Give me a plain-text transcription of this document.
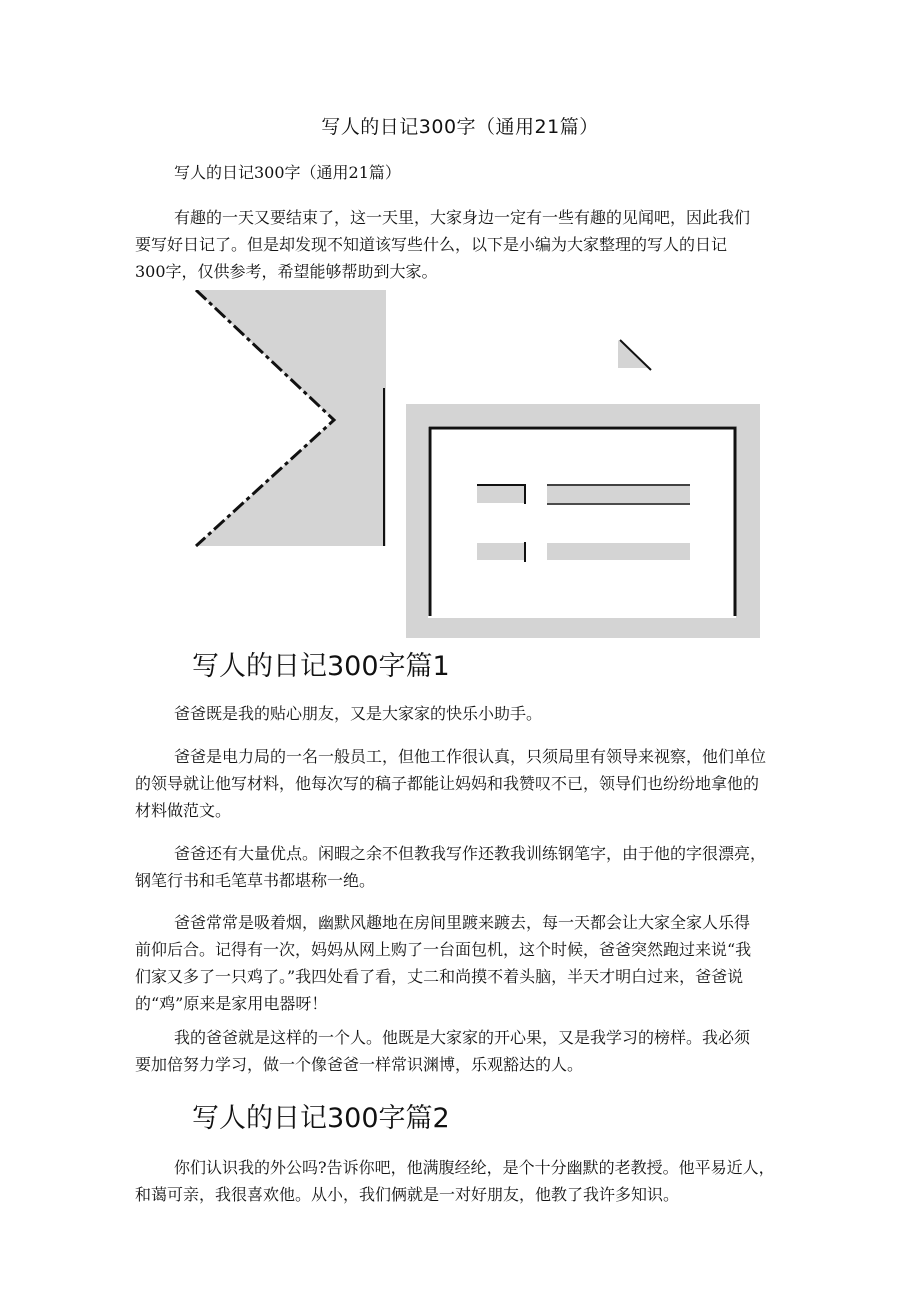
写人的日记300字（通用21篇）

写人的日记300字（通用21篇）

有趣的一天又要结束了，这一天里，大家身边一定有一些有趣的见闻吧，因此我们

要写好日记了。但是却发现不知道该写些什么，以下是小编为大家整理的写人的日记

300字，仅供参考，希望能够帮助到大家。

写人的日记300字篇1

爸爸既是我的贴心朋友，又是大家家的快乐小助手。

爸爸是电力局的一名一般员工，但他工作很认真，只须局里有领导来视察，他们单位

的领导就让他写材料，他每次写的稿子都能让妈妈和我赞叹不已，领导们也纷纷地拿他的

材料做范文。

爸爸还有大量优点。闲暇之余不但教我写作还教我训练钢笔字，由于他的字很漂亮，

钢笔行书和毛笔草书都堪称一绝。

爸爸常常是吸着烟，幽默风趣地在房间里踱来踱去，每一天都会让大家全家人乐得

前仰后合。记得有一次，妈妈从网上购了一台面包机，这个时候，爸爸突然跑过来说“我

们家又多了一只鸡了。”我四处看了看，丈二和尚摸不着头脑，半天才明白过来，爸爸说

的“鸡”原来是家用电器呀！

我的爸爸就是这样的一个人。他既是大家家的开心果，又是我学习的榜样。我必须

要加倍努力学习，做一个像爸爸一样常识渊博，乐观豁达的人。

写人的日记300字篇2

你们认识我的外公吗?告诉你吧，他满腹经纶，是个十分幽默的老教授。他平易近人，

和蔼可亲，我很喜欢他。从小，我们俩就是一对好朋友，他教了我许多知识。
